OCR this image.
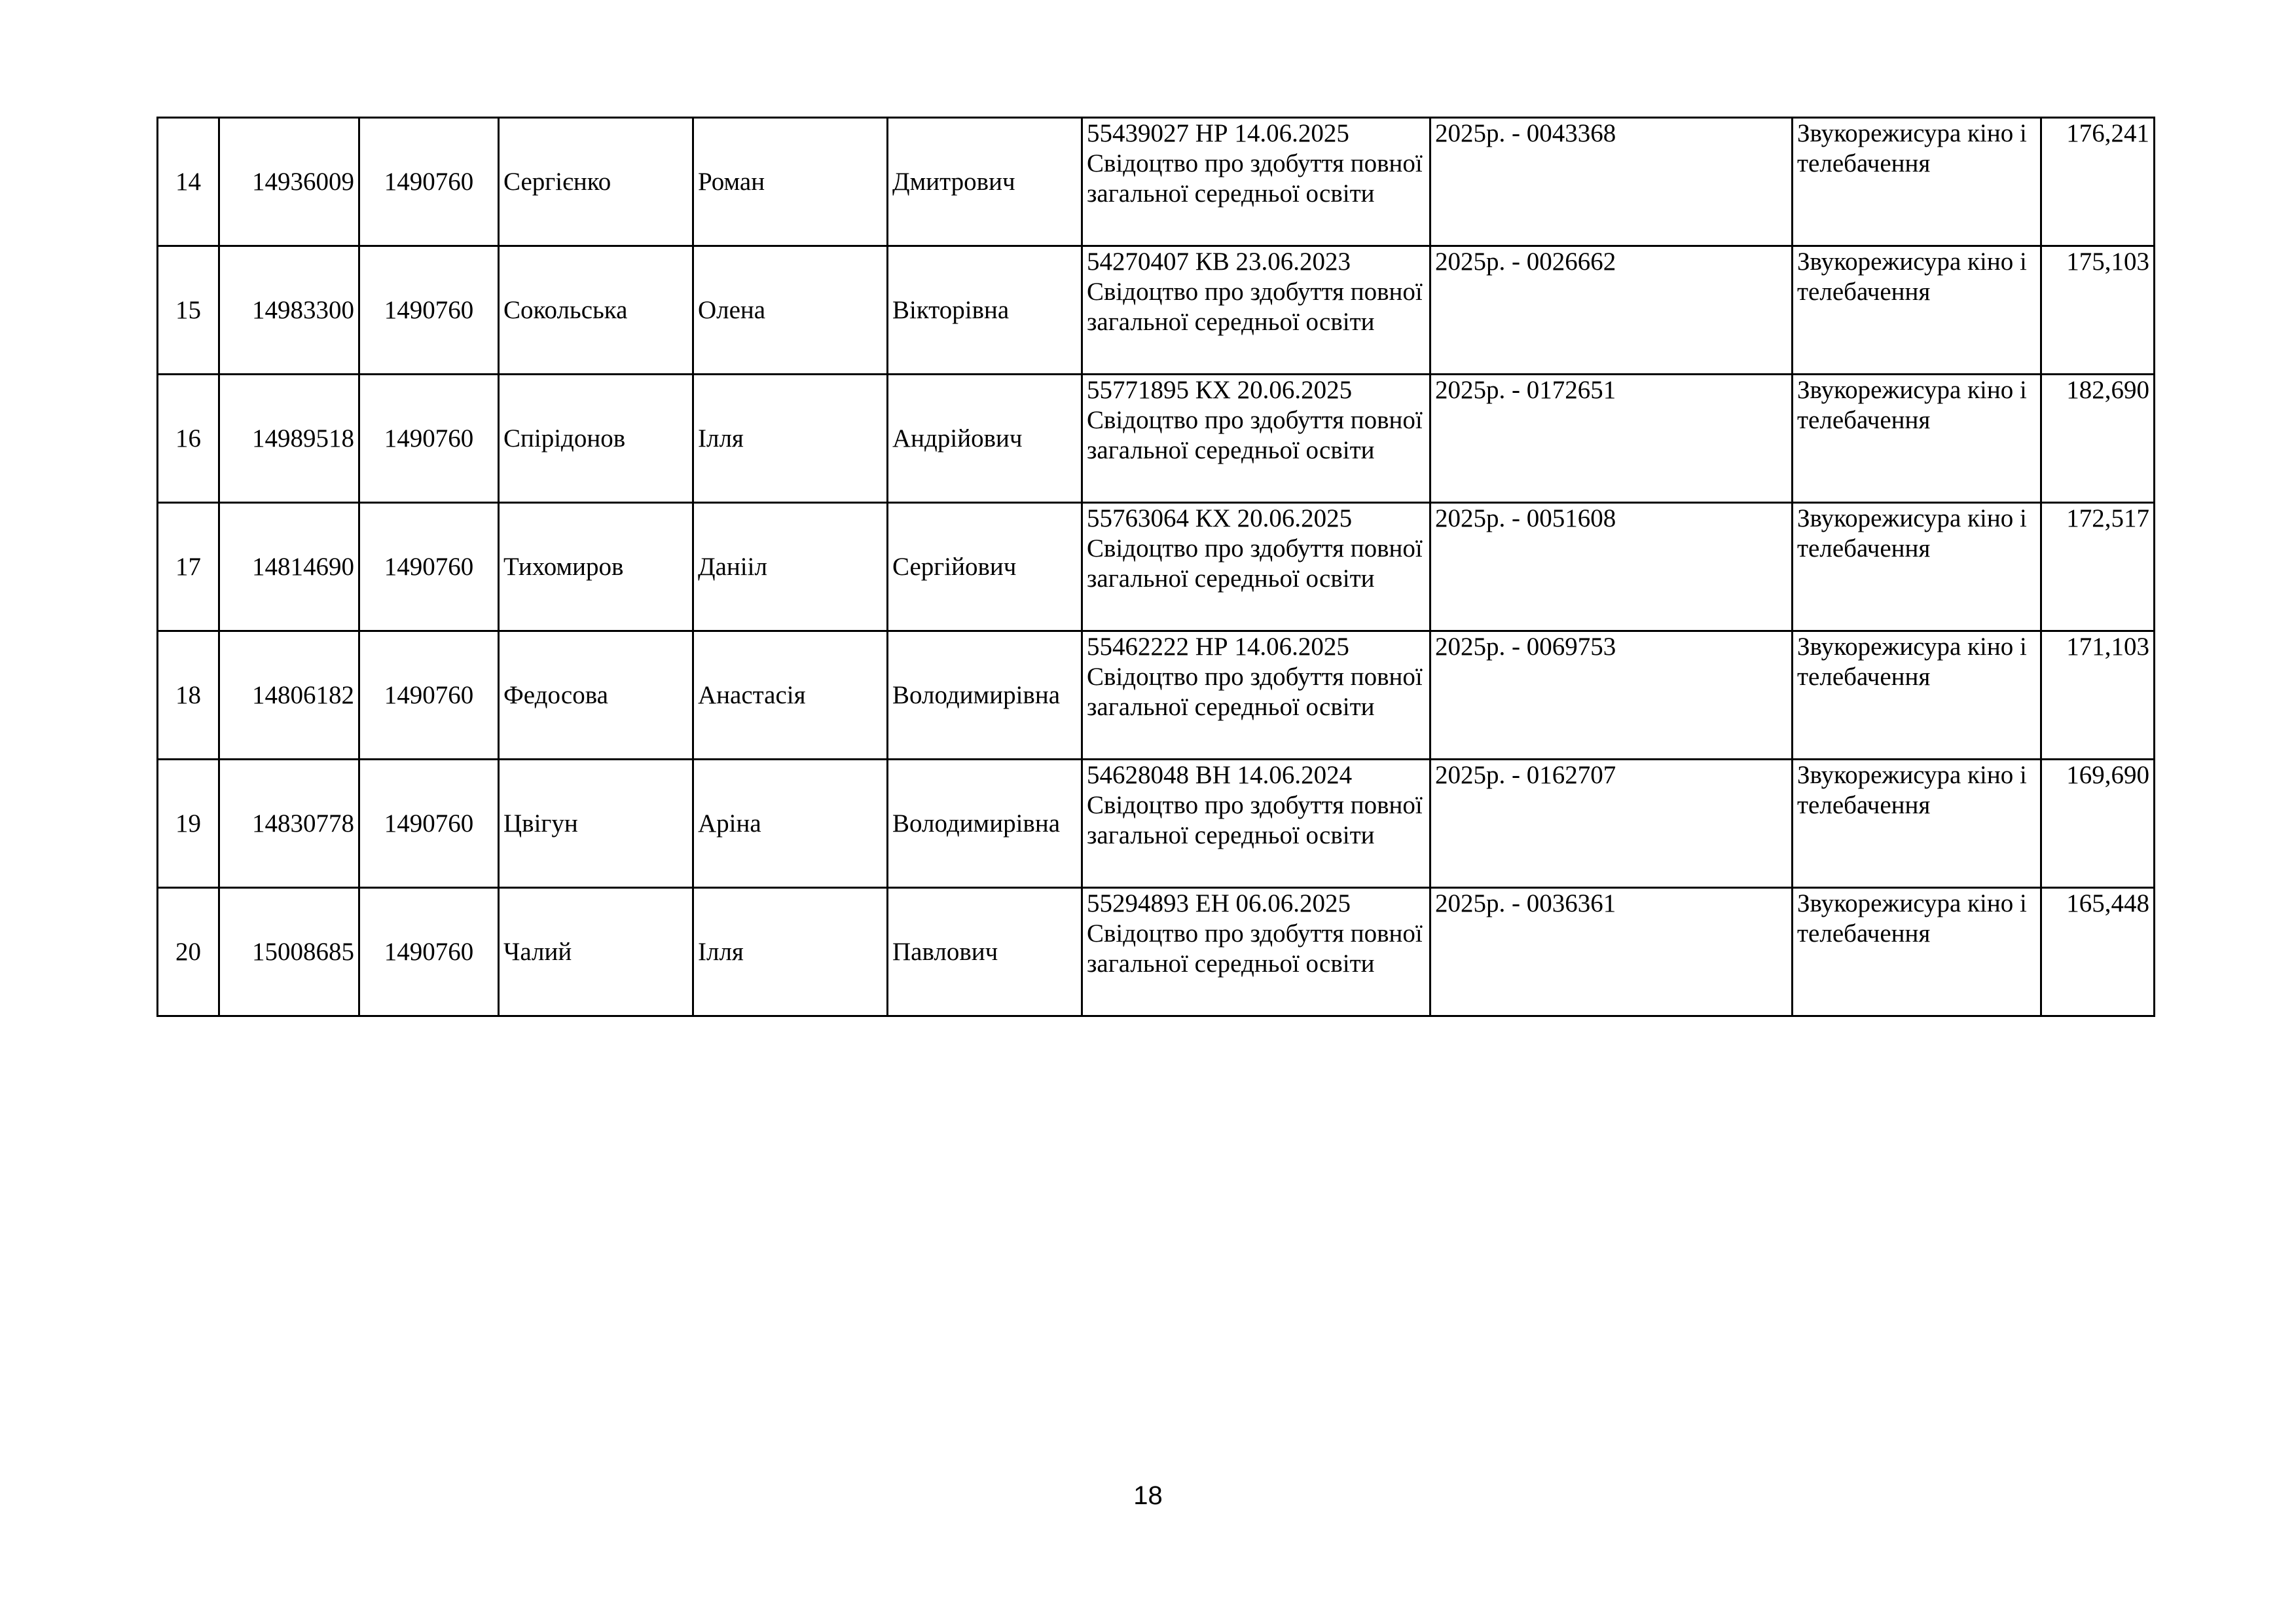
14	14936009	1490760	Сергієнко	Роман	Дмитрович	55439027 НР 14.06.2025
Свідоцтво про здобуття повної загальної середньої освіти	2025р. - 0043368	Звукорежисура кіно і телебачення	176,241
15	14983300	1490760	Сокольська	Олена	Вікторівна	54270407 КВ 23.06.2023
Свідоцтво про здобуття повної загальної середньої освіти	2025р. - 0026662	Звукорежисура кіно і телебачення	175,103
16	14989518	1490760	Спірідонов	Ілля	Андрійович	55771895 КХ 20.06.2025
Свідоцтво про здобуття повної загальної середньої освіти	2025р. - 0172651	Звукорежисура кіно і телебачення	182,690
17	14814690	1490760	Тихомиров	Данііл	Сергійович	55763064 КХ 20.06.2025
Свідоцтво про здобуття повної загальної середньої освіти	2025р. - 0051608	Звукорежисура кіно і телебачення	172,517
18	14806182	1490760	Федосова	Анастасія	Володимирівна	55462222 НР 14.06.2025
Свідоцтво про здобуття повної загальної середньої освіти	2025р. - 0069753	Звукорежисура кіно і телебачення	171,103
19	14830778	1490760	Цвігун	Аріна	Володимирівна	54628048 ВН 14.06.2024
Свідоцтво про здобуття повної загальної середньої освіти	2025р. - 0162707	Звукорежисура кіно і телебачення	169,690
20	15008685	1490760	Чалий	Ілля	Павлович	55294893 ЕН 06.06.2025
Свідоцтво про здобуття повної загальної середньої освіти	2025р. - 0036361	Звукорежисура кіно і телебачення	165,448
18
